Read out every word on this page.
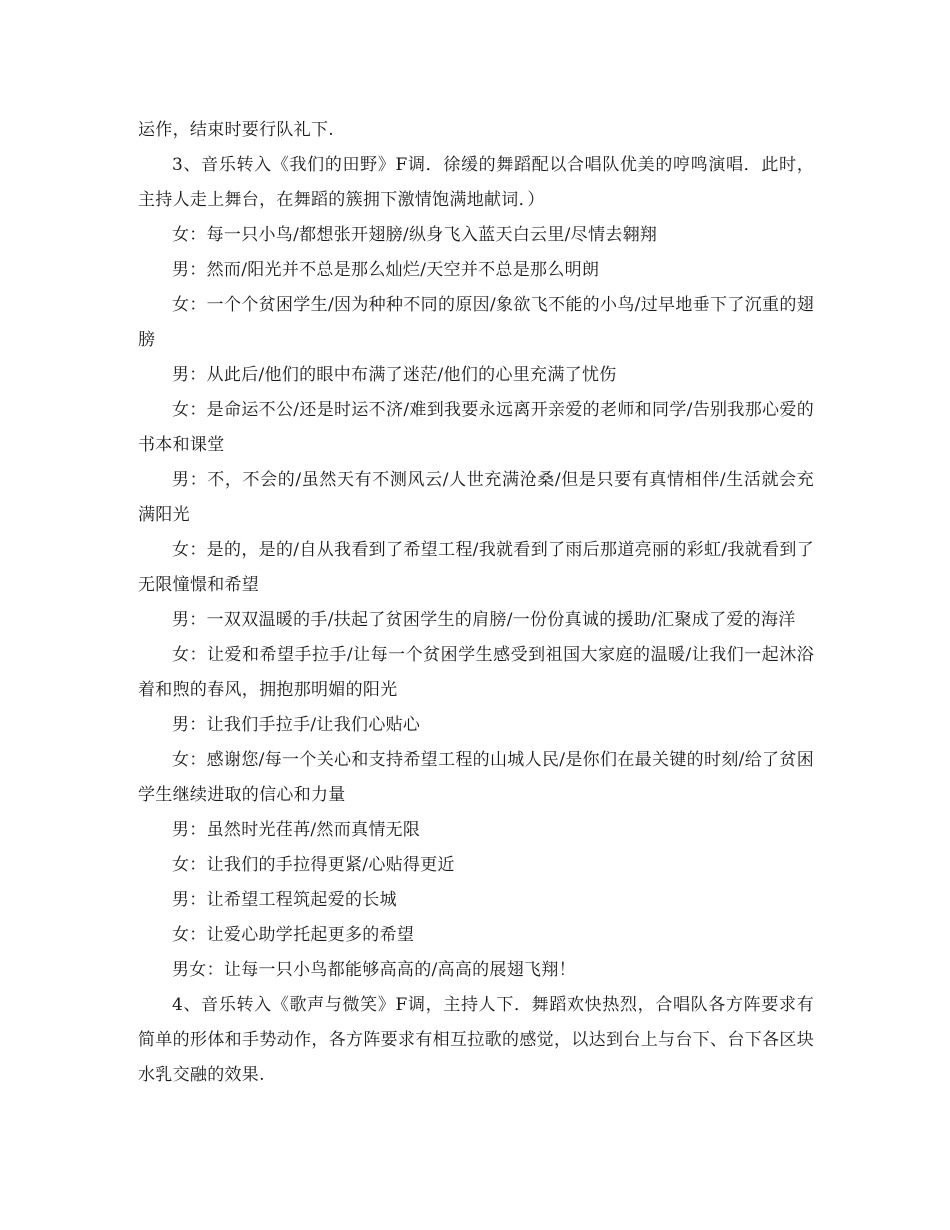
运作，结束时要行队礼下.

3、音乐转入《我们的田野》F调．徐缓的舞蹈配以合唱队优美的哼鸣演唱．此时，主持人走上舞台，在舞蹈的簇拥下激情饱满地献词．）

女：每一只小鸟/都想张开翅膀/纵身飞入蓝天白云里/尽情去翱翔

男：然而/阳光并不总是那么灿烂/天空并不总是那么明朗

女：一个个贫困学生/因为种种不同的原因/象欲飞不能的小鸟/过早地垂下了沉重的翅膀

男：从此后/他们的眼中布满了迷茫/他们的心里充满了忧伤

女：是命运不公/还是时运不济/难到我要永远离开亲爱的老师和同学/告别我那心爱的书本和课堂

男：不，不会的/虽然天有不测风云/人世充满沧桑/但是只要有真情相伴/生活就会充满阳光

女：是的，是的/自从我看到了希望工程/我就看到了雨后那道亮丽的彩虹/我就看到了无限憧憬和希望

男：一双双温暖的手/扶起了贫困学生的肩膀/一份份真诚的援助/汇聚成了爱的海洋

女：让爱和希望手拉手/让每一个贫困学生感受到祖国大家庭的温暖/让我们一起沐浴着和煦的春风，拥抱那明媚的阳光

男：让我们手拉手/让我们心贴心

女：感谢您/每一个关心和支持希望工程的山城人民/是你们在最关键的时刻/给了贫困学生继续进取的信心和力量

男：虽然时光荏苒/然而真情无限

女：让我们的手拉得更紧/心贴得更近

男：让希望工程筑起爱的长城

女：让爱心助学托起更多的希望

男女：让每一只小鸟都能够高高的/高高的展翅飞翔！

4、音乐转入《歌声与微笑》F调，主持人下．舞蹈欢快热烈，合唱队各方阵要求有简单的形体和手势动作，各方阵要求有相互拉歌的感觉，以达到台上与台下、台下各区块水乳交融的效果.
